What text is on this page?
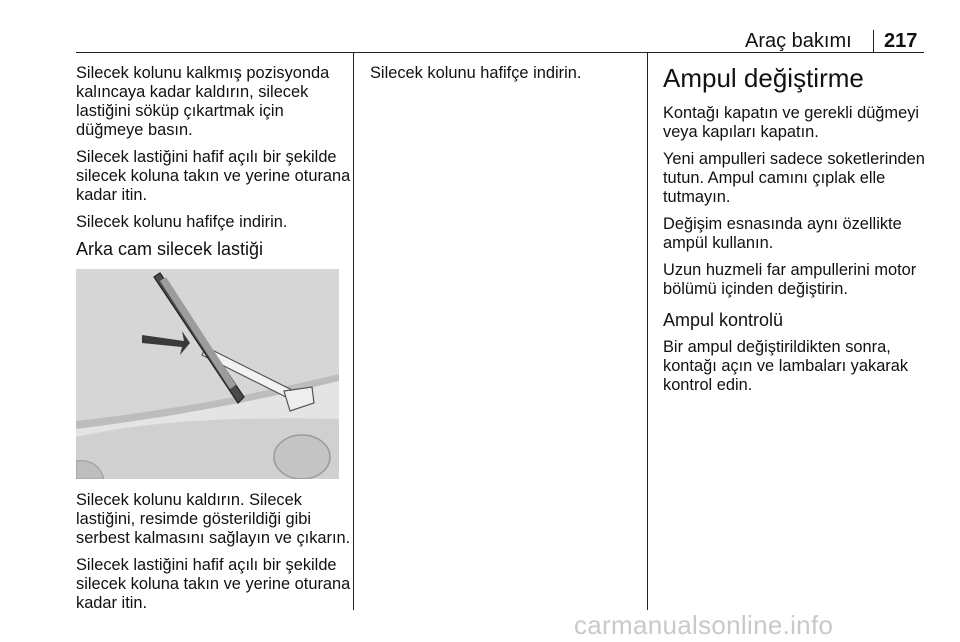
Araç bakımı 217

Silecek kolunu kalkmış pozisyonda
kalıncaya kadar kaldırın, silecek
lastiğini söküp çıkartmak için
düğmeye basın.

Silecek lastiğini hafif açılı bir şekilde
silecek koluna takın ve yerine oturana
kadar itin.

Silecek kolunu hafifçe indirin.

Arka cam silecek lastiği

Silecek kolunu kaldırın. Silecek
lastiğini, resimde gösterildiği gibi
serbest kalmasını sağlayın ve çıkarın.

Silecek lastiğini hafif açılı bir şekilde
silecek koluna takın ve yerine oturana
kadar itin.

Silecek kolunu hafifçe indirin.	Ampul değiştirme

Kontağı kapatın ve gerekli düğmeyi
veya kapıları kapatın.

Yeni ampulleri sadece soketlerinden
tutun. Ampul camını çıplak elle
tutmayın.

Değişim esnasında aynı özellikte
ampül kullanın.

Uzun huzmeli far ampullerini motor
bölümü içinden değiştirin.

Ampul kontrolü

Bir ampul değiştirildikten sonra,
kontağı açın ve lambaları yakarak
kontrol edin.

carmanualsonline.info
